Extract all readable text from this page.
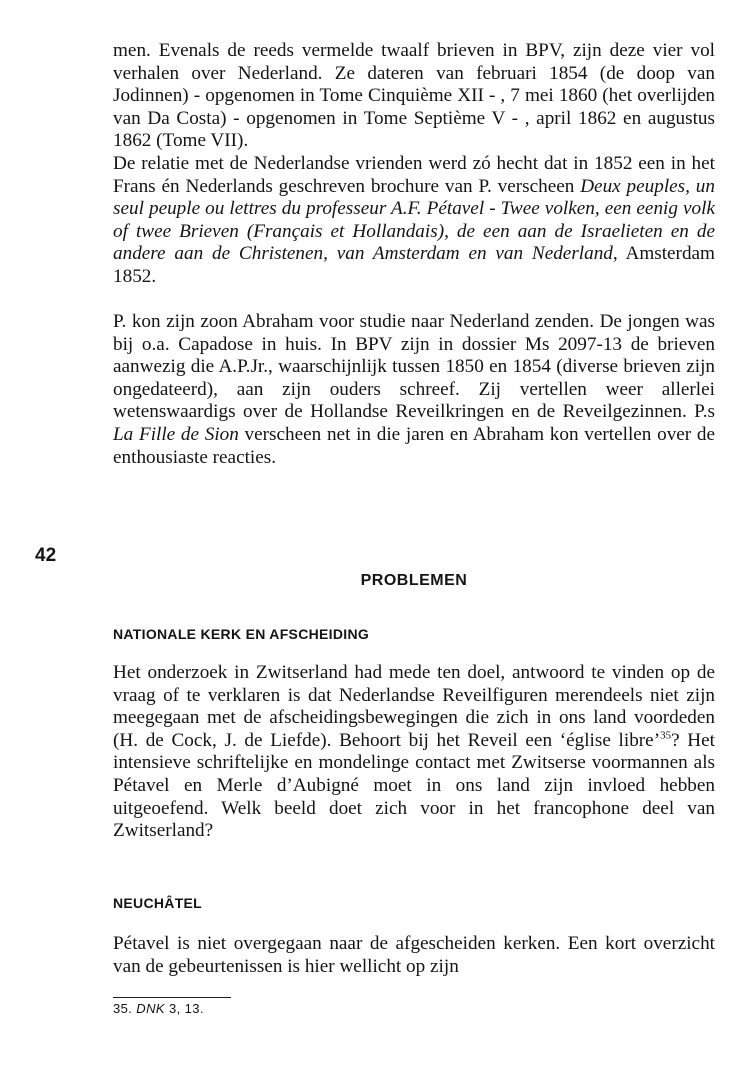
men. Evenals de reeds vermelde twaalf brieven in BPV, zijn deze vier vol verhalen over Nederland. Ze dateren van februari 1854 (de doop van Jodinnen) - opgenomen in Tome Cinquième XII - , 7 mei 1860 (het overlijden van Da Costa) - opgenomen in Tome Septième V - , april 1862 en augustus 1862 (Tome VII).

De relatie met de Nederlandse vrienden werd zó hecht dat in 1852 een in het Frans én Nederlands geschreven brochure van P. verscheen Deux peuples, un seul peuple ou lettres du professeur A.F. Pétavel - Twee volken, een eenig volk of twee Brieven (Français et Hollandais), de een aan de Israelieten en de andere aan de Christenen, van Amsterdam en van Nederland, Amsterdam 1852.

P. kon zijn zoon Abraham voor studie naar Nederland zenden. De jongen was bij o.a. Capadose in huis. In BPV zijn in dossier Ms 2097-13 de brieven aanwezig die A.P.Jr., waarschijnlijk tussen 1850 en 1854 (diverse brieven zijn ongedateerd), aan zijn ouders schreef. Zij vertellen weer allerlei wetenswaardigs over de Hollandse Reveilkringen en de Reveilgezinnen. P.s La Fille de Sion verscheen net in die jaren en Abraham kon vertellen over de enthousiaste reacties.

42

PROBLEMEN
NATIONALE KERK EN AFSCHEIDING

Het onderzoek in Zwitserland had mede ten doel, antwoord te vinden op de vraag of te verklaren is dat Nederlandse Reveilfiguren merendeels niet zijn meegegaan met de afscheidingsbewegingen die zich in ons land voordeden (H. de Cock, J. de Liefde). Behoort bij het Reveil een ‘église libre’$^{35}$? Het intensieve schriftelijke en mondelinge contact met Zwitserse voormannen als Pétavel en Merle d’Aubigné moet in ons land zijn invloed hebben uitgeoefend. Welk beeld doet zich voor in het francophone deel van Zwitserland?

NEUCHÂTEL

Pétavel is niet overgegaan naar de afgescheiden kerken. Een kort overzicht van de gebeurtenissen is hier wellicht op zijn

35. DNK 3, 13.
